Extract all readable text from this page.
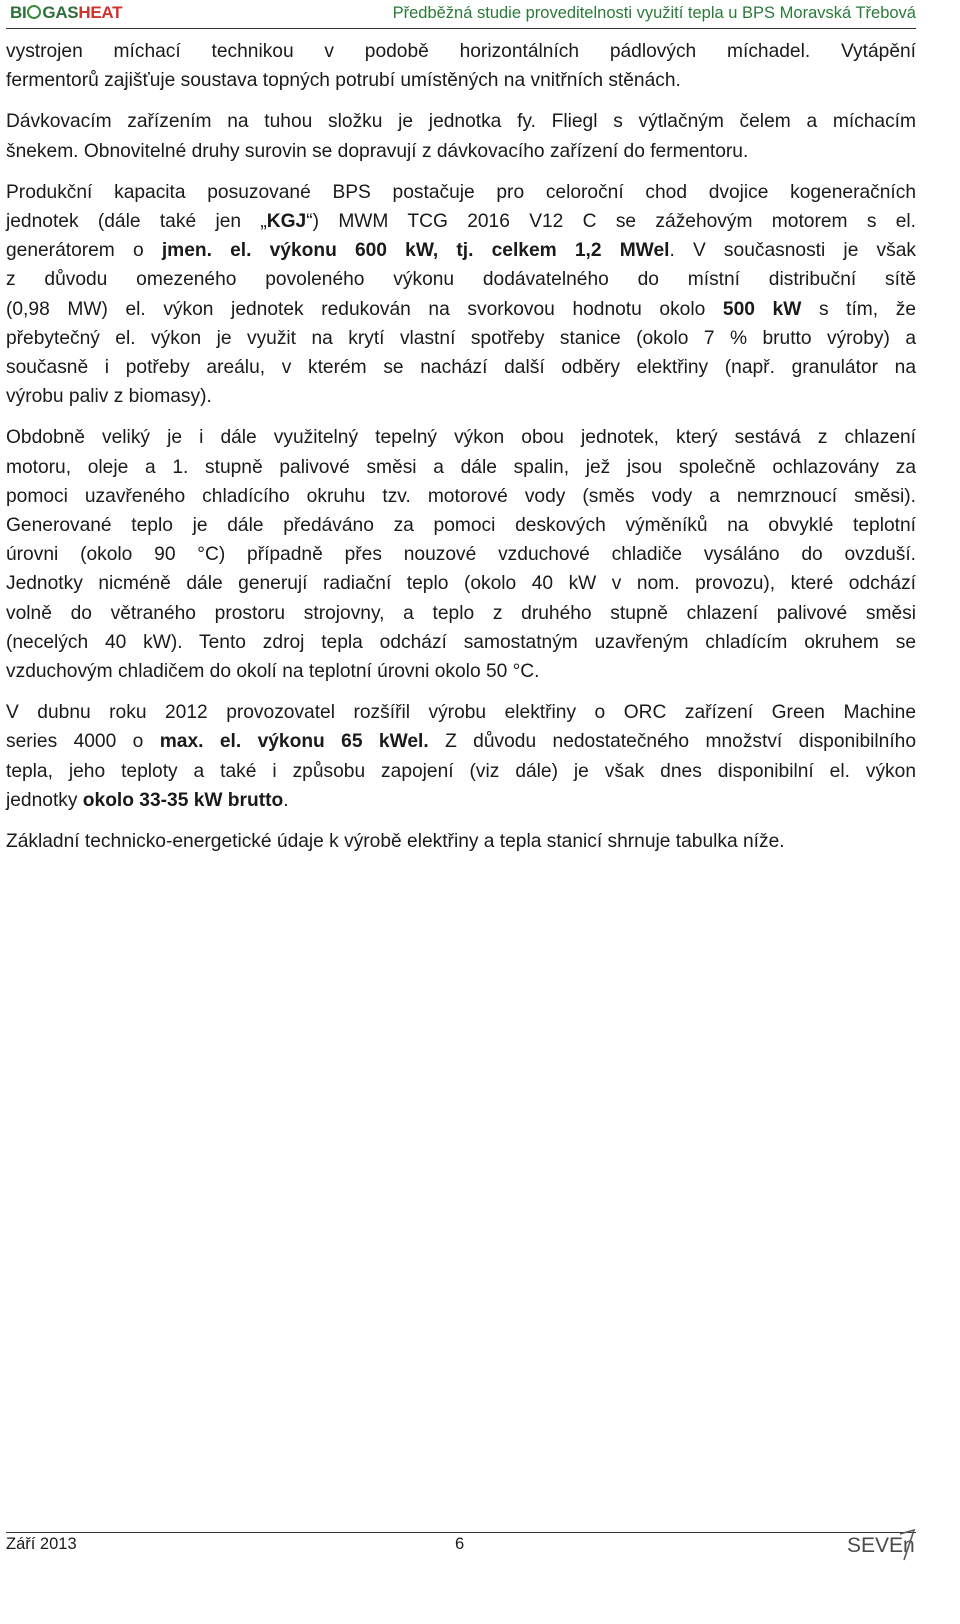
BI GASHEAT	Předběžná studie proveditelnosti využití tepla u BPS Moravská Třebová
vystrojen míchací technikou v podobě horizontálních pádlových míchadel. Vytápění
fermentorů zajišťuje soustava topných potrubí umístěných na vnitřních stěnách.
Dávkovacím zařízením na tuhou složku je jednotka fy. Fliegl s výtlačným čelem a míchacím
šnekem. Obnovitelné druhy surovin se dopravují z dávkovacího zařízení do fermentoru.
Produkční kapacita posuzované BPS postačuje pro celoroční chod dvojice kogeneračních
jednotek (dále také jen „KGJ“) MWM TCG 2016 V12 C se zážehovým motorem s el.
generátorem o jmen. el. výkonu 600 kW, tj. celkem 1,2 MWel. V současnosti je však
z důvodu omezeného povoleného výkonu dodávatelného do místní distribuční sítě
(0,98 MW) el. výkon jednotek redukován na svorkovou hodnotu okolo 500 kW s tím, že
přebytečný el. výkon je využit na krytí vlastní spotřeby stanice (okolo 7 % brutto výroby) a
současně i potřeby areálu, v kterém se nachází další odběry elektřiny (např. granulátor na
výrobu paliv z biomasy).
Obdobně veliký je i dále využitelný tepelný výkon obou jednotek, který sestává z chlazení
motoru, oleje a 1. stupně palivové směsi a dále spalin, jež jsou společně ochlazovány za
pomoci uzavřeného chladícího okruhu tzv. motorové vody (směs vody a nemrznoucí směsi).
Generované teplo je dále předáváno za pomoci deskových výměníků na obvyklé teplotní
úrovni (okolo 90 °C) případně přes nouzové vzduchové chladiče vysáláno do ovzduší.
Jednotky nicméně dále generují radiační teplo (okolo 40 kW v nom. provozu), které odchází
volně do větraného prostoru strojovny, a teplo z druhého stupně chlazení palivové směsi
(necelých 40 kW). Tento zdroj tepla odchází samostatným uzavřeným chladícím okruhem se
vzduchovým chladičem do okolí na teplotní úrovni okolo 50 °C.
V dubnu roku 2012 provozovatel rozšířil výrobu elektřiny o ORC zařízení Green Machine
series 4000 o max. el. výkonu 65 kWel. Z důvodu nedostatečného množství disponibilního
tepla, jeho teploty a také i způsobu zapojení (viz dále) je však dnes disponibilní el. výkon
jednotky okolo 33-35 kW brutto.
Základní technicko-energetické údaje k výrobě elektřiny a tepla stanicí shrnuje tabulka níže.
Září 2013	6	SEVEn
